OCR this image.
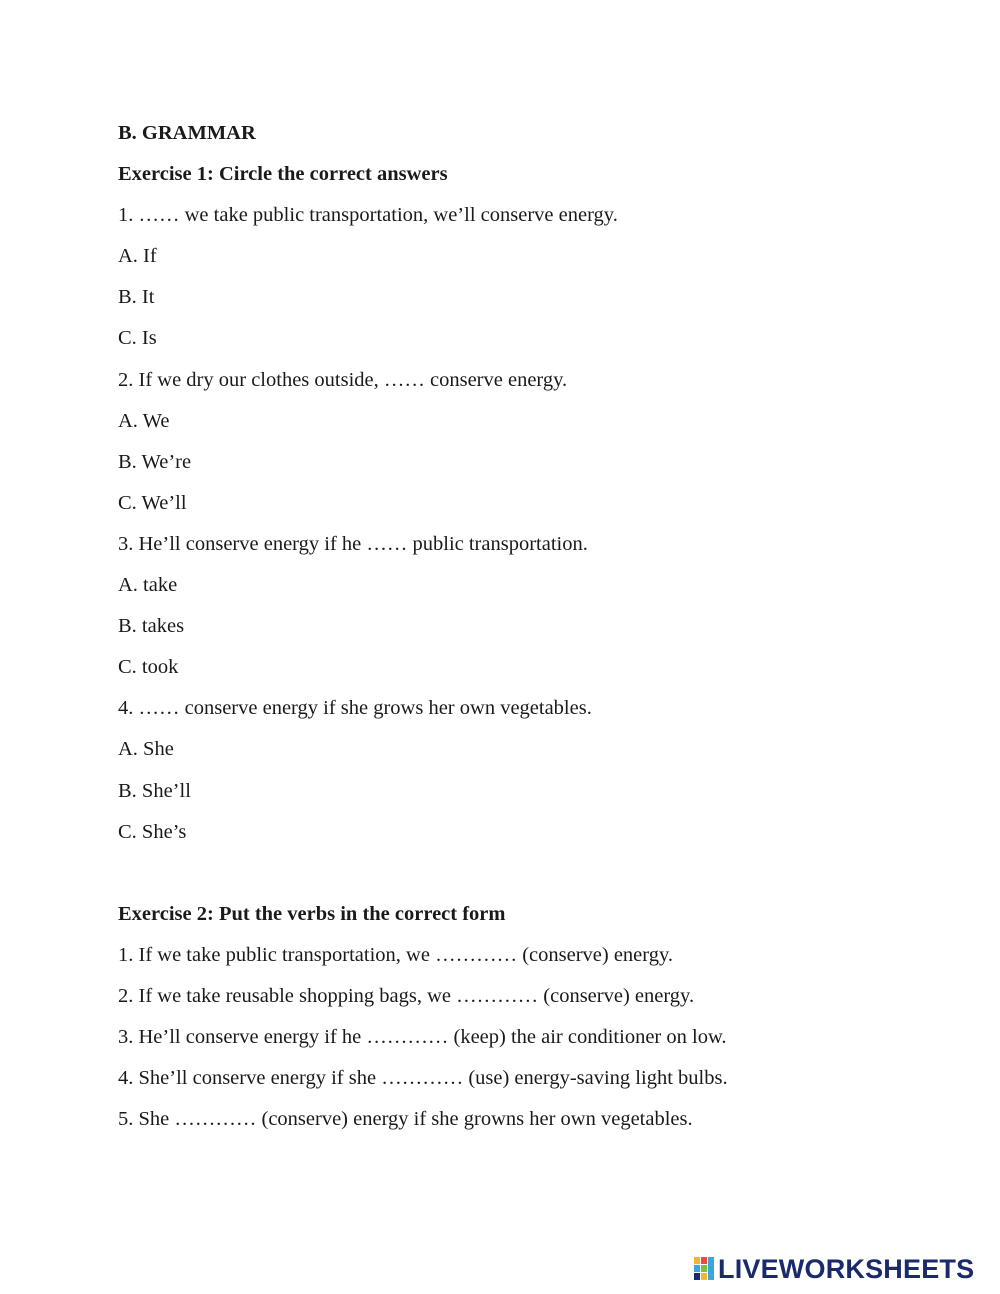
B. GRAMMAR
Exercise 1: Circle the correct answers
1. …… we take public transportation, we’ll conserve energy.
A. If
B. It
C. Is
2. If we dry our clothes outside, …… conserve energy.
A. We
B. We’re
C. We’ll
3. He’ll conserve energy if he …… public transportation.
A. take
B. takes
C. took
4. …… conserve energy if she grows her own vegetables.
A. She
B. She’ll
C. She’s
Exercise 2: Put the verbs in the correct form
1. If we take public transportation, we ………… (conserve) energy.
2. If we take reusable shopping bags, we ………… (conserve) energy.
3. He’ll conserve energy if he ………… (keep) the air conditioner on low.
4. She’ll conserve energy if she ………… (use) energy-saving light bulbs.
5. She ………… (conserve) energy if she growns her own vegetables.
LIVEWORKSHEETS
